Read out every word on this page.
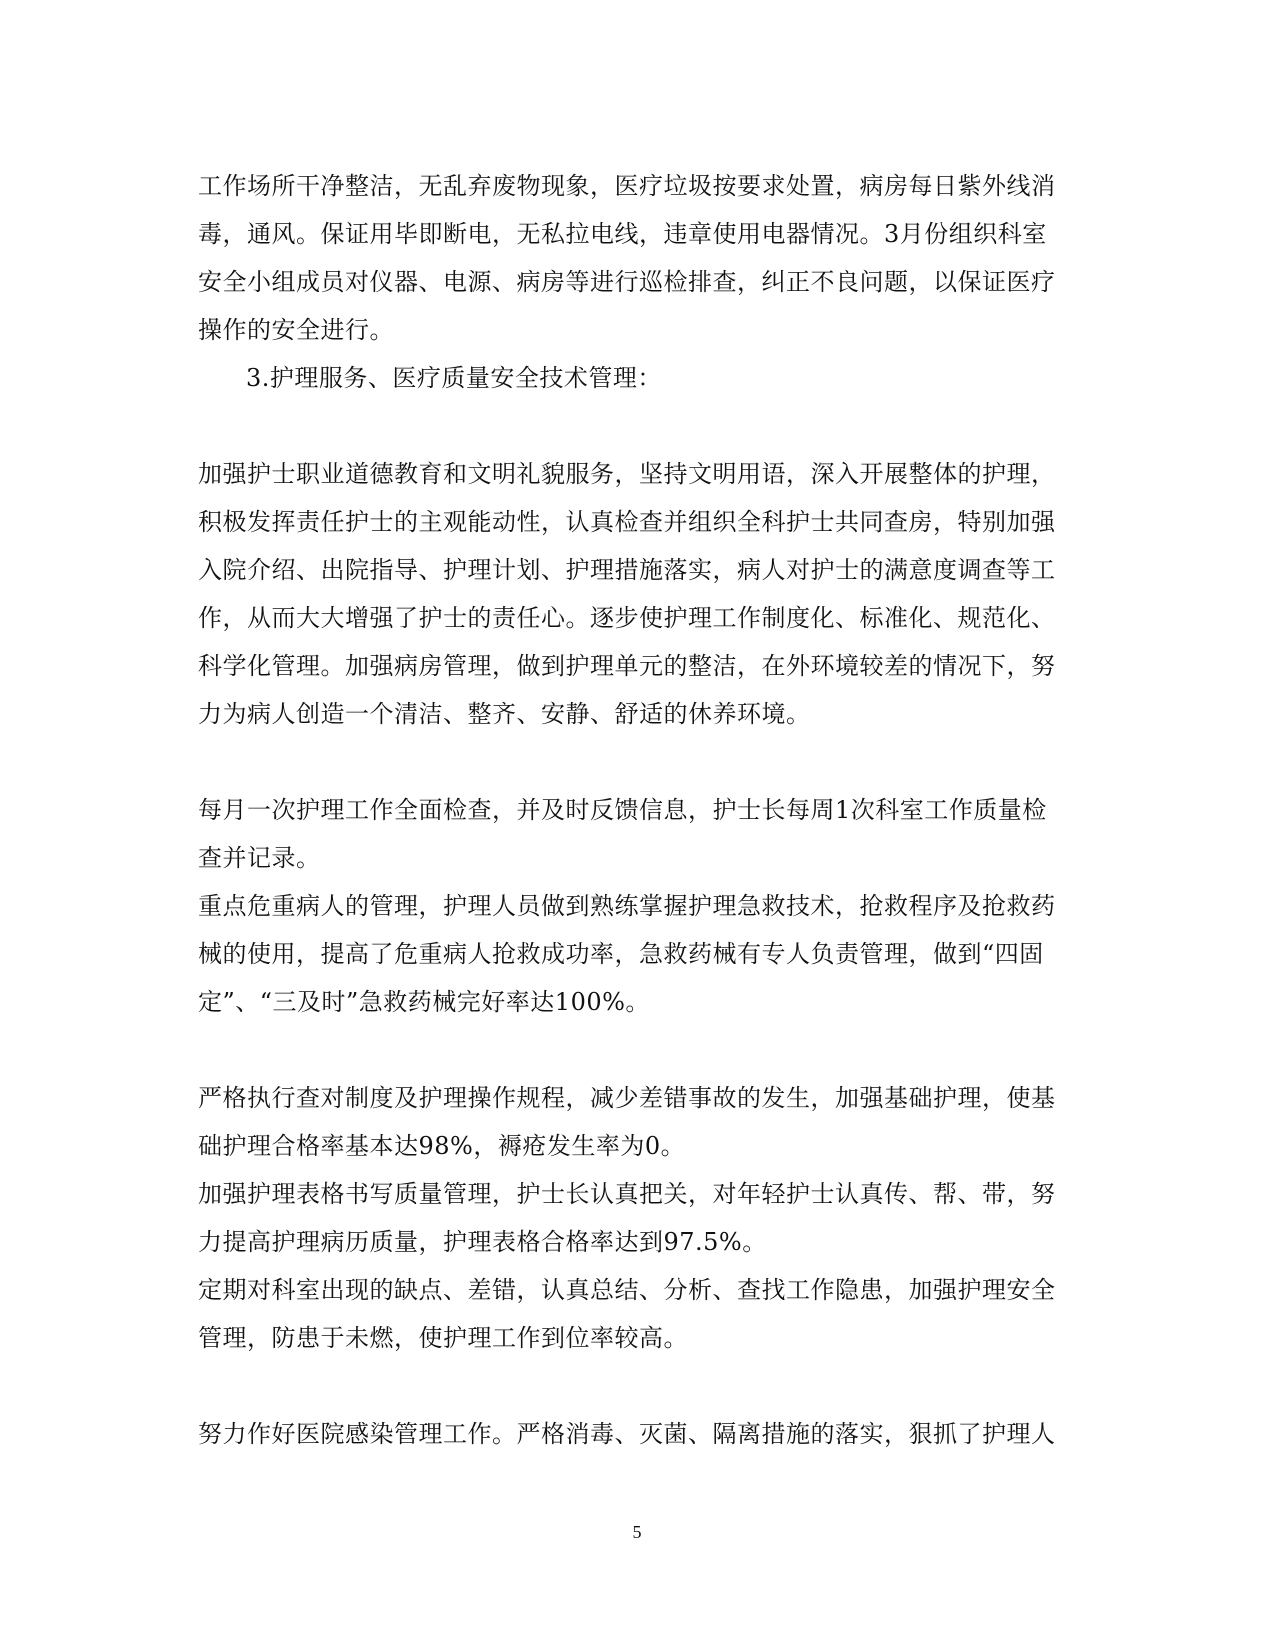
工作场所干净整洁，无乱弃废物现象，医疗垃圾按要求处置，病房每日紫外线消
毒，通风。保证用毕即断电，无私拉电线，违章使用电器情况。3月份组织科室
安全小组成员对仪器、电源、病房等进行巡检排查，纠正不良问题，以保证医疗
操作的安全进行。
3.护理服务、医疗质量安全技术管理：
加强护士职业道德教育和文明礼貌服务，坚持文明用语，深入开展整体的护理，
积极发挥责任护士的主观能动性，认真检查并组织全科护士共同查房，特别加强
入院介绍、出院指导、护理计划、护理措施落实，病人对护士的满意度调查等工
作，从而大大增强了护士的责任心。逐步使护理工作制度化、标准化、规范化、
科学化管理。加强病房管理，做到护理单元的整洁，在外环境较差的情况下，努
力为病人创造一个清洁、整齐、安静、舒适的休养环境。
每月一次护理工作全面检查，并及时反馈信息，护士长每周1次科室工作质量检
查并记录。
重点危重病人的管理，护理人员做到熟练掌握护理急救技术，抢救程序及抢救药
械的使用，提高了危重病人抢救成功率，急救药械有专人负责管理，做到“四固
定”、“三及时”急救药械完好率达100%。
严格执行查对制度及护理操作规程，减少差错事故的发生，加强基础护理，使基
础护理合格率基本达98%，褥疮发生率为0。
加强护理表格书写质量管理，护士长认真把关，对年轻护士认真传、帮、带，努
力提高护理病历质量，护理表格合格率达到97.5%。
定期对科室出现的缺点、差错，认真总结、分析、查找工作隐患，加强护理安全
管理，防患于未燃，使护理工作到位率较高。
努力作好医院感染管理工作。严格消毒、灭菌、隔离措施的落实，狠抓了护理人
5
